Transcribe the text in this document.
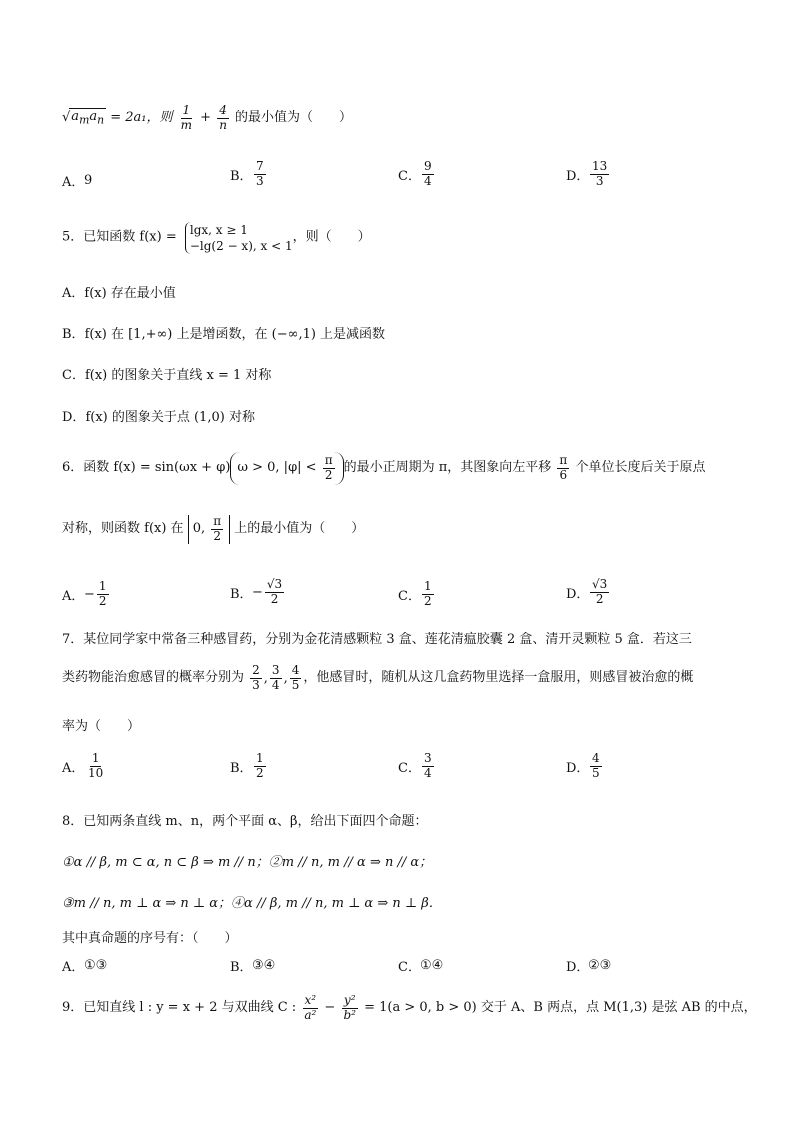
$√a_ma_n = 2a_1$，则 $\frac{1}{m} + \frac{4}{n}$ 的最小值为（　　）
A．9	B． $\frac{7}{3}$	C． $\frac{9}{4}$	D． $\frac{13}{3}$
5．已知函数 f(x) = lgx, x ≥ 1
−lg(2 − x), x < 1
，则（　　）
A．f(x) 存在最小值
B．f(x) 在 [1,+∞) 上是增函数，在 (−∞,1) 上是减函数
C．f(x) 的图象关于直线 x = 1 对称
D．f(x) 的图象关于点 (1,0) 对称
6．函数 f(x) = sin(ωx + φ) ω > 0, $|\varphi| < \frac{\pi}{2}$ 的最小正周期为 π，其图象向左平移 $\frac{\pi}{6}$ 个单位长度后关于原点
对称，则函数 f(x) 在 0, $\frac{\pi}{2}$ 上的最小值为（　　）
A．− $\frac{1}{2}$	B．− $\frac{√3}{2}$	C． $\frac{1}{2}$	D． $\frac{√3}{2}$
7．某位同学家中常备三种感冒药，分别为金花清感颗粒 3 盒、莲花清瘟胶囊 2 盒、清开灵颗粒 5 盒．若这三
类药物能治愈感冒的概率分别为 $\frac{2}{3}$ , $\frac{3}{4}$ , $\frac{4}{5}$ ，他感冒时，随机从这几盒药物里选择一盒服用，则感冒被治愈的概
率为（　　）
A． $\frac{1}{10}$	B． $\frac{1}{2}$	C． $\frac{3}{4}$	D． $\frac{4}{5}$
8．已知两条直线 m、n，两个平面 α、β，给出下面四个命题：
①α // β, m ⊂ α, n ⊂ β ⇒ m // n；②m // n, m // α ⇒ n // α；
③m // n, m ⊥ α ⇒ n ⊥ α；④α // β, m // n, m ⊥ α ⇒ n ⊥ β．
其中真命题的序号有：（　　）
A．①③	B．③④	C．①④	D．②③
9．已知直线 l : y = x + 2 与双曲线 C : $\frac{\text{x²}}{\text{a²}} - \frac{\text{y²}}{\text{b²}} = 1(a > 0$, b > 0) 交于 A、B 两点，点 M(1,3) 是弦 AB 的中点，
